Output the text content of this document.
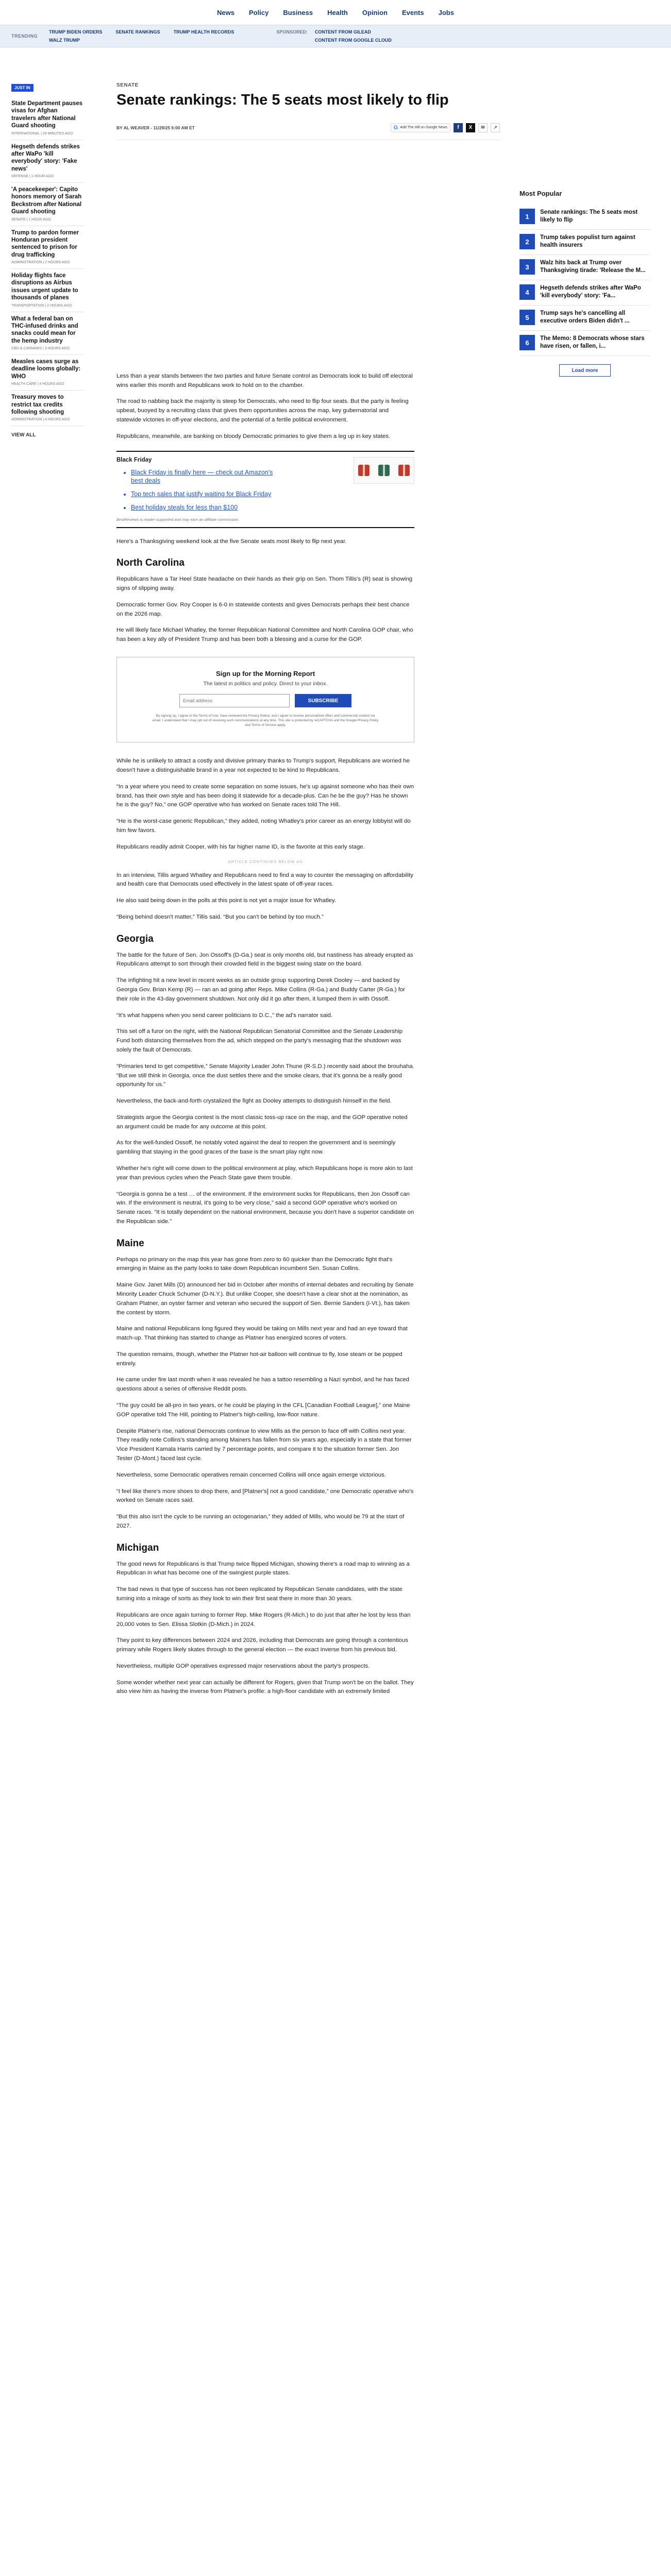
News Policy Business Health Opinion Events Jobs
TRENDING
TRUMP BIDEN ORDERS	SENATE RANKINGS	TRUMP HEALTH RECORDS
WALZ TRUMP
SPONSORED: CONTENT FROM GILEAD
CONTENT FROM GOOGLE CLOUD
JUST IN
State Department pauses visas for Afghan travelers after National Guard shooting
INTERNATIONAL | 29 MINUTES AGO
Hegseth defends strikes after WaPo 'kill everybody' story: 'Fake news'
DEFENSE | 1 HOUR AGO
'A peacekeeper': Capito honors memory of Sarah Beckstrom after National Guard shooting
SENATE | 1 HOUR AGO
Trump to pardon former Honduran president sentenced to prison for drug trafficking
ADMINISTRATION | 2 HOURS AGO
Holiday flights face disruptions as Airbus issues urgent update to thousands of planes
TRANSPORTATION | 2 HOURS AGO
What a federal ban on THC-infused drinks and snacks could mean for the hemp industry
CBD & CANNABIS | 3 HOURS AGO
Measles cases surge as deadline looms globally: WHO
HEALTH CARE | 4 HOURS AGO
Treasury moves to restrict tax credits following shooting
ADMINISTRATION | 4 HOURS AGO
VIEW ALL
Most Popular
1
Senate rankings: The 5 seats most likely to flip
2
Trump takes populist turn against health insurers
3
Walz hits back at Trump over Thanksgiving tirade: 'Release the M...
4
Hegseth defends strikes after WaPo 'kill everybody' story: 'Fa...
5
Trump says he's cancelling all executive orders Biden didn't ...
6
The Memo: 8 Democrats whose stars have risen, or fallen, i...
Load more
SENATE
Senate rankings: The 5 seats most likely to flip
BY AL WEAVER - 11/29/25 6:00 AM ET	G Add The Hill on Google News	f	X	✉	↗

Less than a year stands between the two parties and future Senate control as Democrats look to build off electoral wins earlier this month and Republicans work to hold on to the chamber.

The road to nabbing back the majority is steep for Democrats, who need to flip four seats. But the party is feeling upbeat, buoyed by a recruiting class that gives them opportunities across the map, key gubernatorial and statewide victories in off-year elections, and the potential of a fertile political environment.

Republicans, meanwhile, are banking on bloody Democratic primaries to give them a leg up in key states.

Black Friday
• Black Friday is finally here — check out Amazon's best deals
• Top tech sales that justify waiting for Black Friday
• Best holiday steals for less than $100
BestReviews is reader-supported and may earn an affiliate commission.

Here's a Thanksgiving weekend look at the five Senate seats most likely to flip next year.

North Carolina

Republicans have a Tar Heel State headache on their hands as their grip on Sen. Thom Tillis's (R) seat is showing signs of slipping away.

Democratic former Gov. Roy Cooper is 6-0 in statewide contests and gives Democrats perhaps their best chance on the 2026 map.

He will likely face Michael Whatley, the former Republican National Committee and North Carolina GOP chair, who has been a key ally of President Trump and has been both a blessing and a curse for the GOP.

Sign up for the Morning Report
The latest in politics and policy. Direct to your inbox.
Email address
SUBSCRIBE
By signing up, I agree to the Terms of Use, have reviewed the Privacy Notice, and I agree to receive personalized offers and commercial content via email. I understand that I may opt out of receiving such communications at any time. This site is protected by reCAPTCHA and the Google Privacy Policy and Terms of Service apply.

While he is unlikely to attract a costly and divisive primary thanks to Trump's support, Republicans are worried he doesn't have a distinguishable brand in a year not expected to be kind to Republicans.

“In a year where you need to create some separation on some issues, he's up against someone who has their own brand, has their own style and has been doing it statewide for a decade-plus. Can he be the guy? Has he shown he is the guy? No,” one GOP operative who has worked on Senate races told The Hill.

“He is the worst-case generic Republican,” they added, noting Whatley's prior career as an energy lobbyist will do him few favors.

Republicans readily admit Cooper, with his far higher name ID, is the favorite at this early stage.

ARTICLE CONTINUES BELOW AD

In an interview, Tillis argued Whatley and Republicans need to find a way to counter the messaging on affordability and health care that Democrats used effectively in the latest spate of off-year races.

He also said being down in the polls at this point is not yet a major issue for Whatley.

“Being behind doesn't matter,” Tillis said. “But you can't be behind by too much.”

Georgia

The battle for the future of Sen. Jon Ossoff's (D-Ga.) seat is only months old, but nastiness has already erupted as Republicans attempt to sort through their crowded field in the biggest swing state on the board.

The infighting hit a new level in recent weeks as an outside group supporting Derek Dooley — and backed by Georgia Gov. Brian Kemp (R) — ran an ad going after Reps. Mike Collins (R-Ga.) and Buddy Carter (R-Ga.) for their role in the 43-day government shutdown. Not only did it go after them, it lumped them in with Ossoff.

“It's what happens when you send career politicians to D.C.,” the ad's narrator said.

This set off a furor on the right, with the National Republican Senatorial Committee and the Senate Leadership Fund both distancing themselves from the ad, which stepped on the party's messaging that the shutdown was solely the fault of Democrats.

“Primaries tend to get competitive,” Senate Majority Leader John Thune (R-S.D.) recently said about the brouhaha. “But we still think in Georgia, once the dust settles there and the smoke clears, that it's gonna be a really good opportunity for us.”

Nevertheless, the back-and-forth crystalized the fight as Dooley attempts to distinguish himself in the field.

Strategists argue the Georgia contest is the most classic toss-up race on the map, and the GOP operative noted an argument could be made for any outcome at this point.

As for the well-funded Ossoff, he notably voted against the deal to reopen the government and is seemingly gambling that staying in the good graces of the base is the smart play right now.

Whether he's right will come down to the political environment at play, which Republicans hope is more akin to last year than previous cycles when the Peach State gave them trouble.

“Georgia is gonna be a test … of the environment. If the environment sucks for Republicans, then Jon Ossoff can win. If the environment is neutral, it's going to be very close,” said a second GOP operative who's worked on Senate races. “It is totally dependent on the national environment, because you don't have a superior candidate on the Republican side.”

Maine

Perhaps no primary on the map this year has gone from zero to 60 quicker than the Democratic fight that's emerging in Maine as the party looks to take down Republican incumbent Sen. Susan Collins.

Maine Gov. Janet Mills (D) announced her bid in October after months of internal debates and recruiting by Senate Minority Leader Chuck Schumer (D-N.Y.). But unlike Cooper, she doesn't have a clear shot at the nomination, as Graham Platner, an oyster farmer and veteran who secured the support of Sen. Bernie Sanders (I-Vt.), has taken the contest by storm.

Maine and national Republicans long figured they would be taking on Mills next year and had an eye toward that match-up. That thinking has started to change as Platner has energized scores of voters.

The question remains, though, whether the Platner hot-air balloon will continue to fly, lose steam or be popped entirely.

He came under fire last month when it was revealed he has a tattoo resembling a Nazi symbol, and he has faced questions about a series of offensive Reddit posts.

“The guy could be all-pro in two years, or he could be playing in the CFL [Canadian Football League],” one Maine GOP operative told The Hill, pointing to Platner's high-ceiling, low-floor nature.

Despite Platner's rise, national Democrats continue to view Mills as the person to face off with Collins next year. They readily note Collins's standing among Mainers has fallen from six years ago, especially in a state that former Vice President Kamala Harris carried by 7 percentage points, and compare it to the situation former Sen. Jon Tester (D-Mont.) faced last cycle.

Nevertheless, some Democratic operatives remain concerned Collins will once again emerge victorious.

“I feel like there's more shoes to drop there, and [Platner's] not a good candidate,” one Democratic operative who's worked on Senate races said.

“But this also isn't the cycle to be running an octogenarian,” they added of Mills, who would be 79 at the start of 2027.

Michigan

The good news for Republicans is that Trump twice flipped Michigan, showing there's a road map to winning as a Republican in what has become one of the swingiest purple states.

The bad news is that type of success has not been replicated by Republican Senate candidates, with the state turning into a mirage of sorts as they look to win their first seat there in more than 30 years.

Republicans are once again turning to former Rep. Mike Rogers (R-Mich.) to do just that after he lost by less than 20,000 votes to Sen. Elissa Slotkin (D-Mich.) in 2024.

They point to key differences between 2024 and 2026, including that Democrats are going through a contentious primary while Rogers likely skates through to the general election — the exact inverse from his previous bid.

Nevertheless, multiple GOP operatives expressed major reservations about the party's prospects.

Some wonder whether next year can actually be different for Rogers, given that Trump won't be on the ballot. They also view him as having the inverse from Platner's profile: a high-floor candidate with an extremely limited
